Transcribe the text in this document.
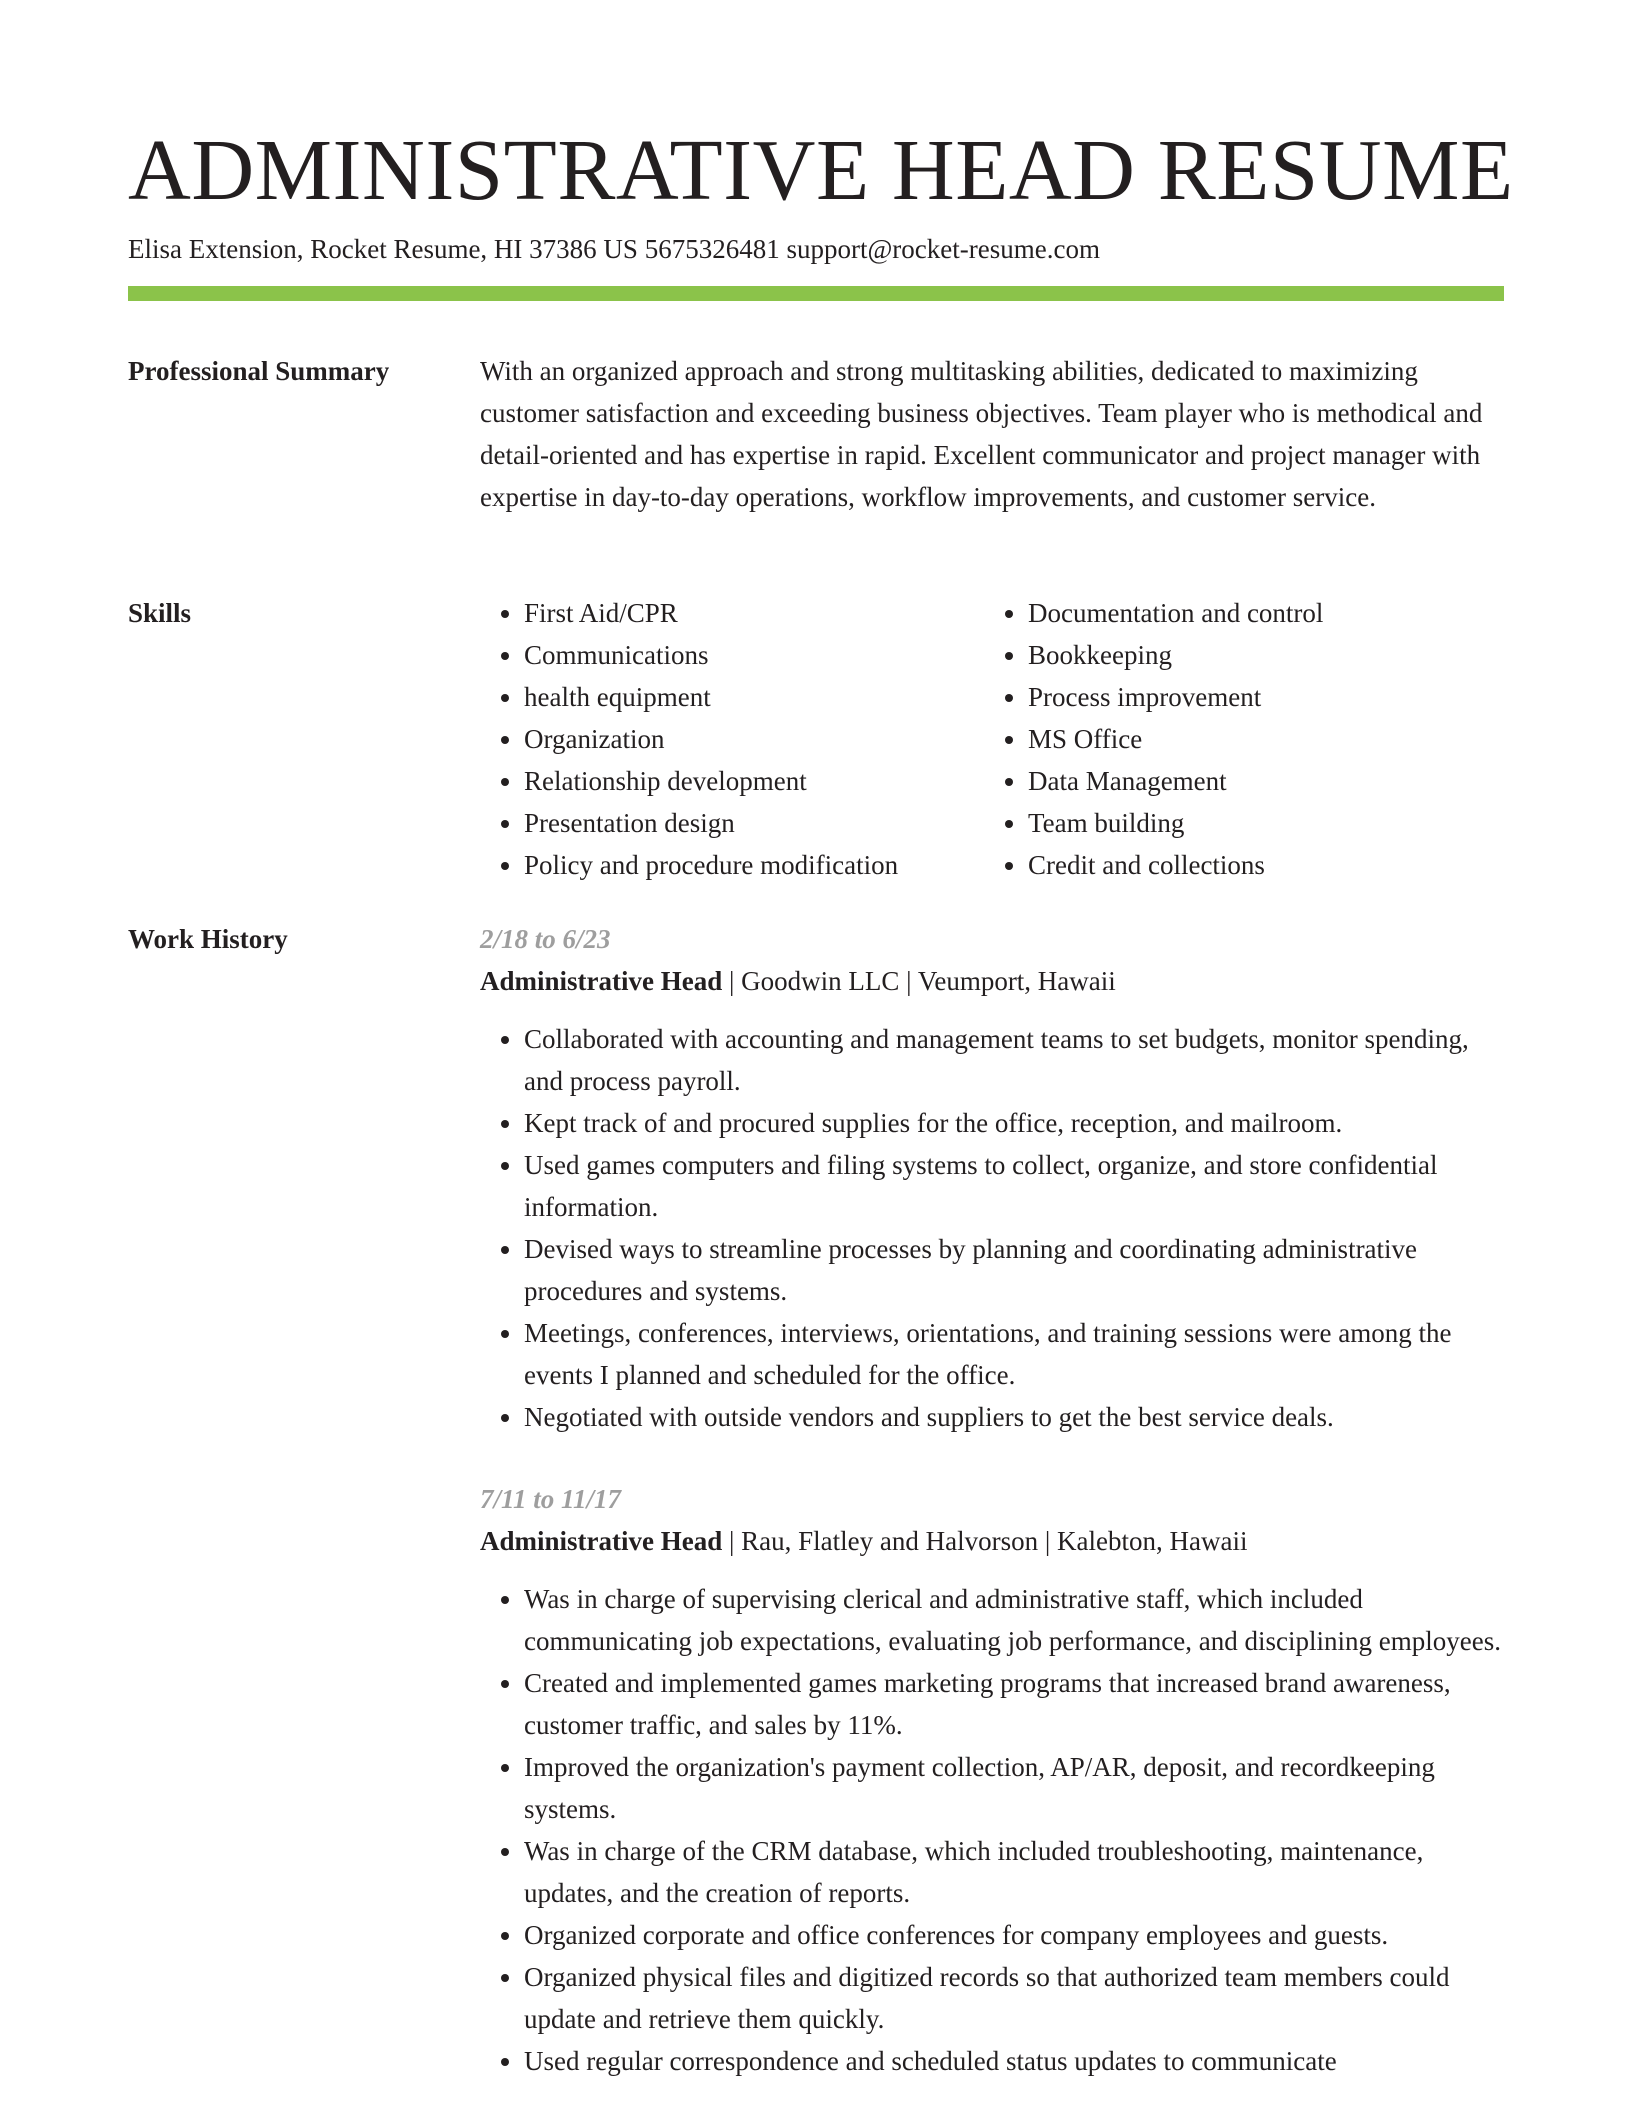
ADMINISTRATIVE HEAD RESUME
Elisa Extension, Rocket Resume, HI 37386 US 5675326481 support@rocket-resume.com
Professional Summary	With an organized approach and strong multitasking abilities, dedicated to maximizing customer satisfaction and exceeding business objectives. Team player who is methodical and detail-oriented and has expertise in rapid. Excellent communicator and project manager with expertise in day-to-day operations, workflow improvements, and customer service.

Skills
•	First Aid/CPR
• Communications
• health equipment
• Organization
• Relationship development
• Presentation design
• Policy and procedure modification
• Documentation and control
• Bookkeeping
• Process improvement
• MS Office
• Data Management
• Team building
• Credit and collections
Work History	2/18 to 6/23
Administrative Head | Goodwin LLC | Veumport, Hawaii
• Collaborated with accounting and management teams to set budgets, monitor spending, and process payroll.
• Kept track of and procured supplies for the office, reception, and mailroom.
• Used games computers and filing systems to collect, organize, and store confidential information.
• Devised ways to streamline processes by planning and coordinating administrative procedures and systems.
• Meetings, conferences, interviews, orientations, and training sessions were among the events I planned and scheduled for the office.
• Negotiated with outside vendors and suppliers to get the best service deals.
7/11 to 11/17
Administrative Head | Rau, Flatley and Halvorson | Kalebton, Hawaii
• Was in charge of supervising clerical and administrative staff, which included communicating job expectations, evaluating job performance, and disciplining employees.
• Created and implemented games marketing programs that increased brand awareness, customer traffic, and sales by 11%.
• Improved the organization's payment collection, AP/AR, deposit, and recordkeeping systems.
• Was in charge of the CRM database, which included troubleshooting, maintenance, updates, and the creation of reports.
• Organized corporate and office conferences for company employees and guests.
• Organized physical files and digitized records so that authorized team members could update and retrieve them quickly.
• Used regular correspondence and scheduled status updates to communicate
